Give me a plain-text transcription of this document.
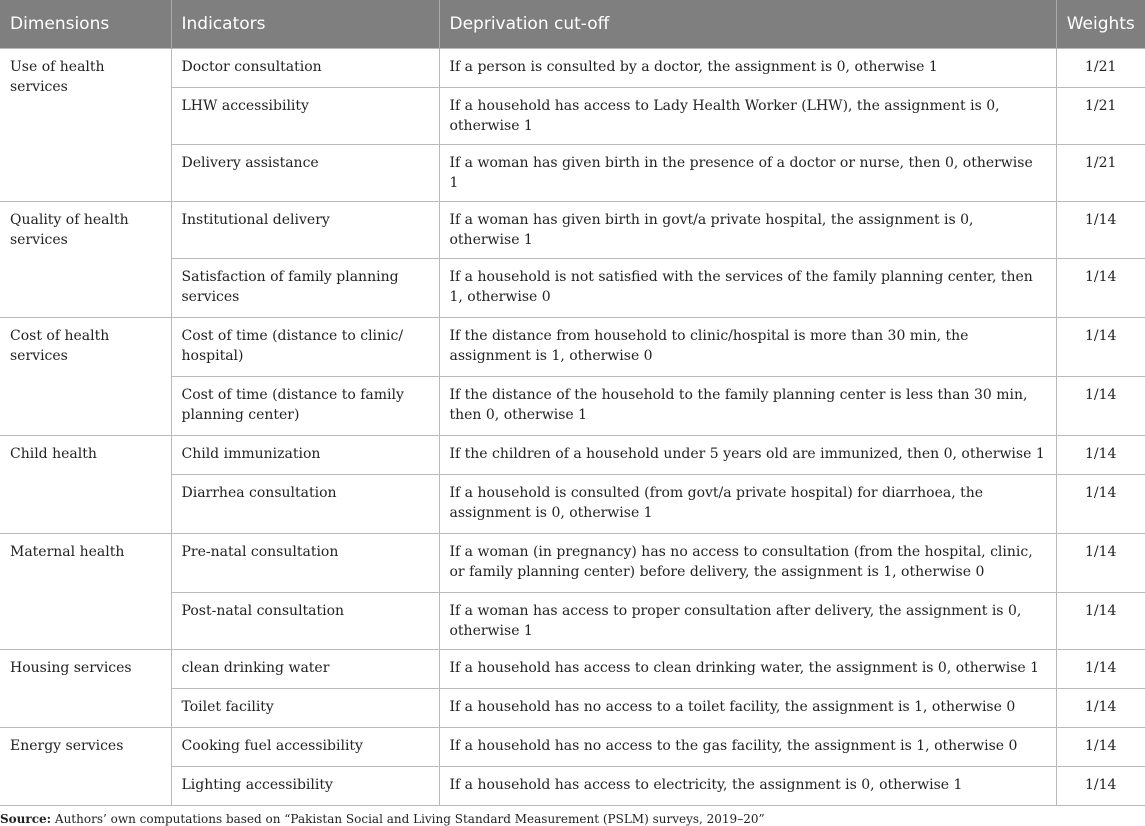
Dimensions	Indicators	Deprivation cut-off	Weights
Use of health services	Doctor consultation	If a person is consulted by a doctor, the assignment is 0, otherwise 1	1/21
	LHW accessibility	If a household has access to Lady Health Worker (LHW), the assignment is 0, otherwise 1	1/21
	Delivery assistance	If a woman has given birth in the presence of a doctor or nurse, then 0, otherwise 1	1/21
Quality of health services	Institutional delivery	If a woman has given birth in govt/a private hospital, the assignment is 0, otherwise 1	1/14
	Satisfaction of family planning services	If a household is not satisfied with the services of the family planning center, then 1, otherwise 0	1/14
Cost of health services	Cost of time (distance to clinic/ hospital)	If the distance from household to clinic/hospital is more than 30 min, the assignment is 1, otherwise 0	1/14
	Cost of time (distance to family planning center)	If the distance of the household to the family planning center is less than 30 min, then 0, otherwise 1	1/14
Child health	Child immunization	If the children of a household under 5 years old are immunized, then 0, otherwise 1	1/14
	Diarrhea consultation	If a household is consulted (from govt/a private hospital) for diarrhoea, the assignment is 0, otherwise 1	1/14
Maternal health	Pre-natal consultation	If a woman (in pregnancy) has no access to consultation (from the hospital, clinic, or family planning center) before delivery, the assignment is 1, otherwise 0	1/14
	Post-natal consultation	If a woman has access to proper consultation after delivery, the assignment is 0, otherwise 1	1/14
Housing services	clean drinking water	If a household has access to clean drinking water, the assignment is 0, otherwise 1	1/14
	Toilet facility	If a household has no access to a toilet facility, the assignment is 1, otherwise 0	1/14
Energy services	Cooking fuel accessibility	If a household has no access to the gas facility, the assignment is 1, otherwise 0	1/14
	Lighting accessibility	If a household has access to electricity, the assignment is 0, otherwise 1	1/14
Source: Authors’ own computations based on “Pakistan Social and Living Standard Measurement (PSLM) surveys, 2019–20”
